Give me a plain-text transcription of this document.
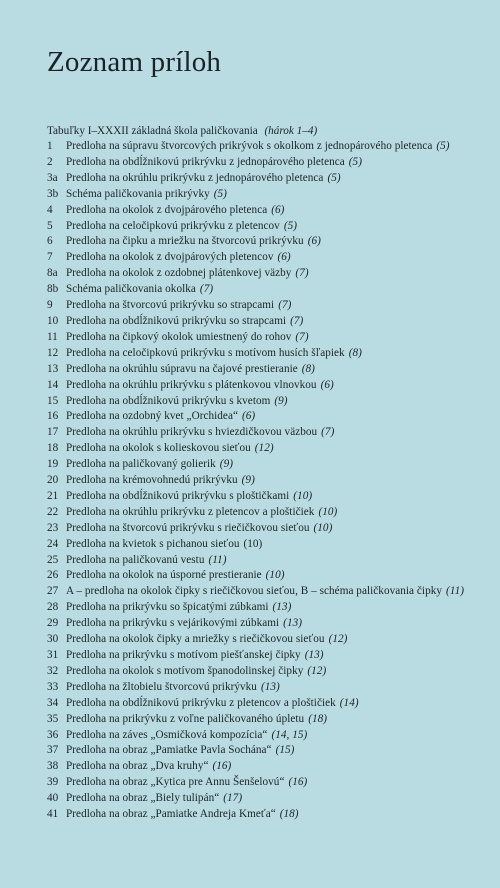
Zoznam príloh
Tabuľky I–XXXII základná škola paličkovania (hárok 1–4)
1	Predloha na súpravu štvorcových prikrývok s okolkom z jednopárového pletenca (5)
2	Predloha na obdĺžnikovú prikrývku z jednopárového pletenca (5)
3a Predloha na okrúhlu prikrývku z jednopárového pletenca (5)
3b Schéma paličkovania prikrývky (5)
4	Predloha na okolok z dvojpárového pletenca (6)
5	Predloha na celočipkovú prikrývku z pletencov (5)
6	Predloha na čipku a mriežku na štvorcovú prikrývku (6)
7	Predloha na okolok z dvojpárových pletencov (6)
8a Predloha na okolok z ozdobnej plátenkovej väzby (7)
8b Schéma paličkovania okolka (7)
9	Predloha na štvorcovú prikrývku so strapcami (7)
10 Predloha na obdĺžnikovú prikrývku so strapcami (7)
11 Predloha na čipkový okolok umiestnený do rohov (7)
12 Predloha na celočipkovú prikrývku s motívom husích šľapiek (8)
13 Predloha na okrúhlu súpravu na čajové prestieranie (8)
14 Predloha na okrúhlu prikrývku s plátenkovou vlnovkou (6)
15 Predloha na obdĺžnikovú prikrývku s kvetom (9)
16 Predloha na ozdobný kvet „Orchidea“ (6)
17 Predloha na okrúhlu prikrývku s hviezdičkovou väzbou (7)
18 Predloha na okolok s kolieskovou sieťou (12)
19 Predloha na paličkovaný golierik (9)
20 Predloha na krémovohnedú prikrývku (9)
21 Predloha na obdĺžnikovú prikrývku s ploštičkami (10)
22 Predloha na okrúhlu prikrývku z pletencov a ploštičiek (10)
23 Predloha na štvorcovú prikrývku s riečičkovou sieťou (10)
24 Predloha na kvietok s pichanou sieťou (10)
25 Predloha na paličkovanú vestu (11)
26 Predloha na okolok na úsporné prestieranie (10)
27 A – predloha na okolok čipky s riečičkovou sieťou, B – schéma paličkovania čipky (11)
28 Predloha na prikrývku so špicatými zúbkami (13)
29 Predloha na prikrývku s vejárikovými zúbkami (13)
30 Predloha na okolok čipky a mriežky s riečičkovou sieťou (12)
31 Predloha na prikrývku s motívom piešťanskej čipky (13)
32 Predloha na okolok s motívom španodolinskej čipky (12)
33 Predloha na žltobielu štvorcovú prikrývku (13)
34 Predloha na obdĺžnikovú prikrývku z pletencov a ploštičiek (14)
35 Predloha na prikrývku z voľne paličkovaného úpletu (18)
36 Predloha na záves „Osmičková kompozícia“ (14, 15)
37 Predloha na obraz „Pamiatke Pavla Sochána“ (15)
38 Predloha na obraz „Dva kruhy“ (16)
39 Predloha na obraz „Kytica pre Annu Šenšelovú“ (16)
40 Predloha na obraz „Biely tulipán“ (17)
41 Predloha na obraz „Pamiatke Andreja Kmeťa“ (18)
